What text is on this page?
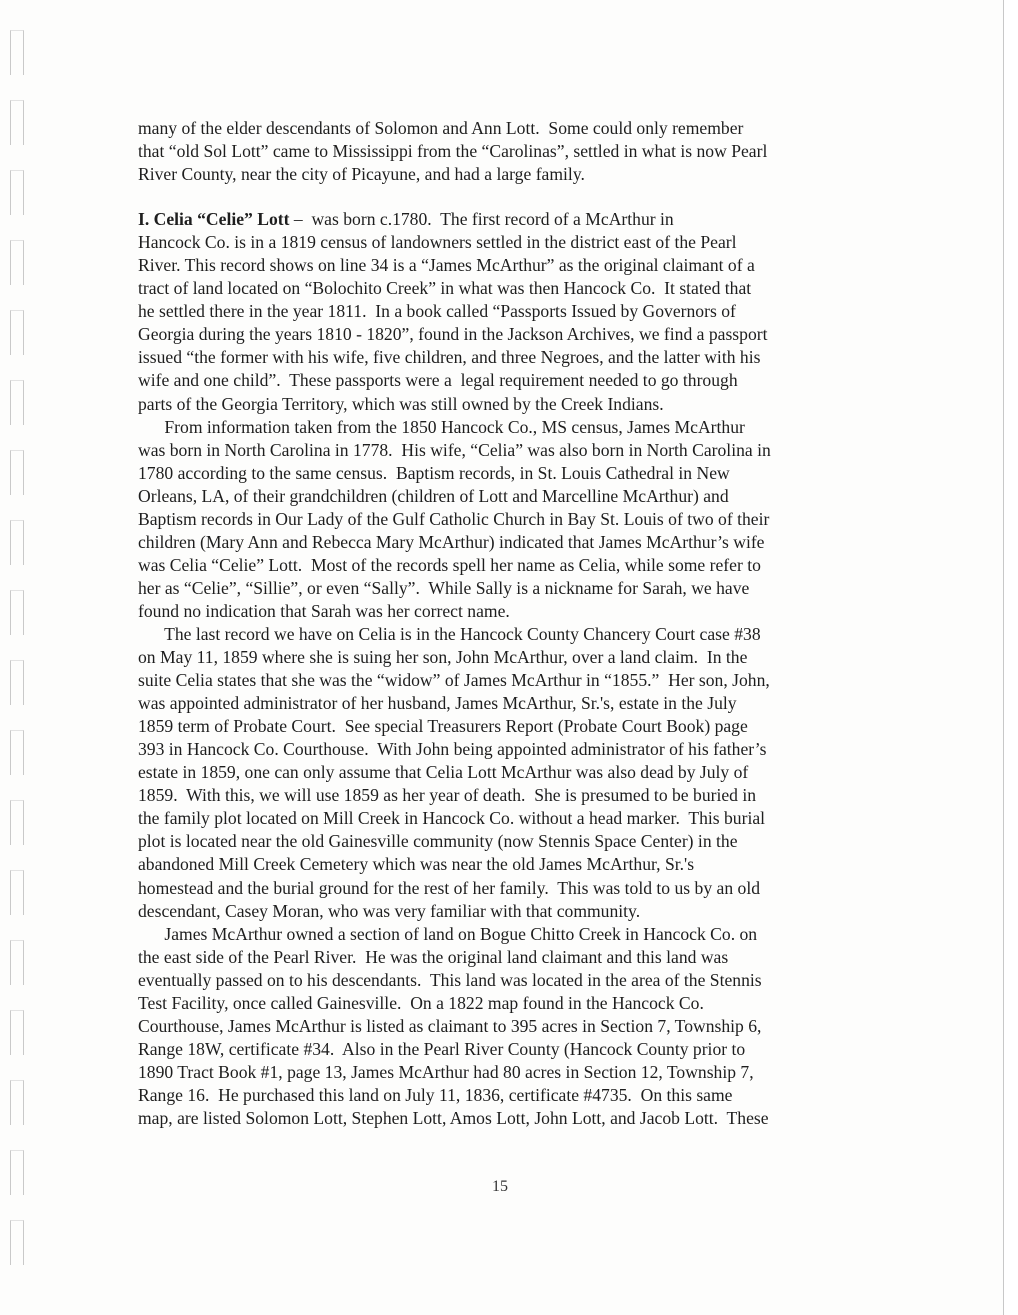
many of the elder descendants of Solomon and Ann Lott.  Some could only remember
that “old Sol Lott” came to Mississippi from the “Carolinas”, settled in what is now Pearl
River County, near the city of Picayune, and had a large family.

I. Celia “Celie” Lott –  was born c.1780.  The first record of a McArthur in
Hancock Co. is in a 1819 census of landowners settled in the district east of the Pearl
River. This record shows on line 34 is a “James McArthur” as the original claimant of a
tract of land located on “Bolochito Creek” in what was then Hancock Co.  It stated that
he settled there in the year 1811.  In a book called “Passports Issued by Governors of
Georgia during the years 1810 - 1820”, found in the Jackson Archives, we find a passport
issued “the former with his wife, five children, and three Negroes, and the latter with his
wife and one child”.  These passports were a  legal requirement needed to go through
parts of the Georgia Territory, which was still owned by the Creek Indians.
From information taken from the 1850 Hancock Co., MS census, James McArthur
was born in North Carolina in 1778.  His wife, “Celia” was also born in North Carolina in
1780 according to the same census.  Baptism records, in St. Louis Cathedral in New
Orleans, LA, of their grandchildren (children of Lott and Marcelline McArthur) and
Baptism records in Our Lady of the Gulf Catholic Church in Bay St. Louis of two of their
children (Mary Ann and Rebecca Mary McArthur) indicated that James McArthur’s wife
was Celia “Celie” Lott.  Most of the records spell her name as Celia, while some refer to
her as “Celie”, “Sillie”, or even “Sally”.  While Sally is a nickname for Sarah, we have
found no indication that Sarah was her correct name.
The last record we have on Celia is in the Hancock County Chancery Court case #38
on May 11, 1859 where she is suing her son, John McArthur, over a land claim.  In the
suite Celia states that she was the “widow” of James McArthur in “1855.”  Her son, John,
was appointed administrator of her husband, James McArthur, Sr.'s, estate in the July
1859 term of Probate Court.  See special Treasurers Report (Probate Court Book) page
393 in Hancock Co. Courthouse.  With John being appointed administrator of his father’s
estate in 1859, one can only assume that Celia Lott McArthur was also dead by July of
1859.  With this, we will use 1859 as her year of death.  She is presumed to be buried in
the family plot located on Mill Creek in Hancock Co. without a head marker.  This burial
plot is located near the old Gainesville community (now Stennis Space Center) in the
abandoned Mill Creek Cemetery which was near the old James McArthur, Sr.'s
homestead and the burial ground for the rest of her family.  This was told to us by an old
descendant, Casey Moran, who was very familiar with that community.
James McArthur owned a section of land on Bogue Chitto Creek in Hancock Co. on
the east side of the Pearl River.  He was the original land claimant and this land was
eventually passed on to his descendants.  This land was located in the area of the Stennis
Test Facility, once called Gainesville.  On a 1822 map found in the Hancock Co.
Courthouse, James McArthur is listed as claimant to 395 acres in Section 7, Township 6,
Range 18W, certificate #34.  Also in the Pearl River County (Hancock County prior to
1890 Tract Book #1, page 13, James McArthur had 80 acres in Section 12, Township 7,
Range 16.  He purchased this land on July 11, 1836, certificate #4735.  On this same
map, are listed Solomon Lott, Stephen Lott, Amos Lott, John Lott, and Jacob Lott.  These

15
